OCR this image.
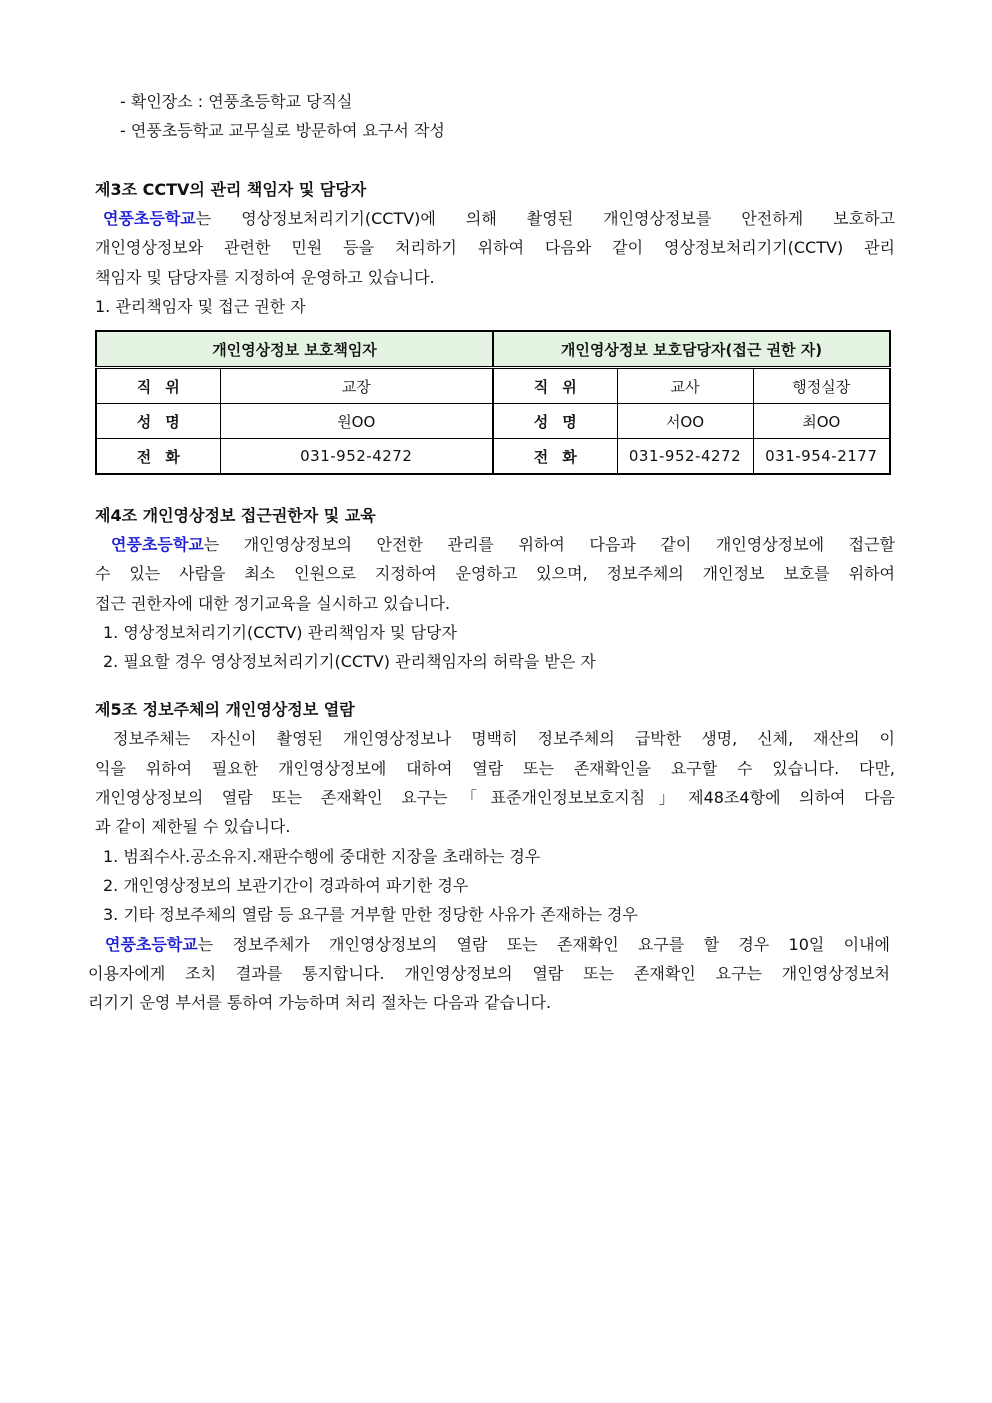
- 확인장소 : 연풍초등학교 당직실
- 연풍초등학교 교무실로 방문하여 요구서 작성
제3조 CCTV의 관리 책임자 및 담당자
연풍초등학교는 영상정보처리기기(CCTV)에 의해 촬영된 개인영상정보를 안전하게 보호하고
개인영상정보와 관련한 민원 등을 처리하기 위하여 다음와 같이 영상정보처리기기(CCTV) 관리
책임자 및 담당자를 지정하여 운영하고 있습니다.
1. 관리책임자 및 접근 권한 자
개인영상정보 보호책임자		개인영상정보 보호담당자(접근 권한 자)		
직위	교장	직위	교사	행정실장
성명	원OO	성명	서OO	최OO
전화	031-952-4272	전화	031-952-4272	031-954-2177
제4조 개인영상정보 접근권한자 및 교육
연풍초등학교는 개인영상정보의 안전한 관리를 위하여 다음과 같이 개인영상정보에 접근할
수 있는 사람을 최소 인원으로 지정하여 운영하고 있으며, 정보주체의 개인정보 보호를 위하여
접근 권한자에 대한 정기교육을 실시하고 있습니다.
1. 영상정보처리기기(CCTV) 관리책임자 및 담당자
2. 필요할 경우 영상정보처리기기(CCTV) 관리책임자의 허락을 받은 자
제5조 정보주체의 개인영상정보 열람
정보주체는 자신이 촬영된 개인영상정보나 명백히 정보주체의 급박한 생명, 신체, 재산의 이
익을 위하여 필요한 개인영상정보에 대하여 열람 또는 존재확인을 요구할 수 있습니다. 다만,
개인영상정보의 열람 또는 존재확인 요구는「표준개인정보보호지침」제48조4항에 의하여 다음
과 같이 제한될 수 있습니다.
1. 범죄수사.공소유지.재판수행에 중대한 지장을 초래하는 경우
2. 개인영상정보의 보관기간이 경과하여 파기한 경우
3. 기타 정보주체의 열람 등 요구를 거부할 만한 정당한 사유가 존재하는 경우
연풍초등학교는 정보주체가 개인영상정보의 열람 또는 존재확인 요구를 할 경우 10일 이내에
이용자에게 조치 결과를 통지합니다. 개인영상정보의 열람 또는 존재확인 요구는 개인영상정보처
리기기 운영 부서를 통하여 가능하며 처리 절차는 다음과 같습니다.
